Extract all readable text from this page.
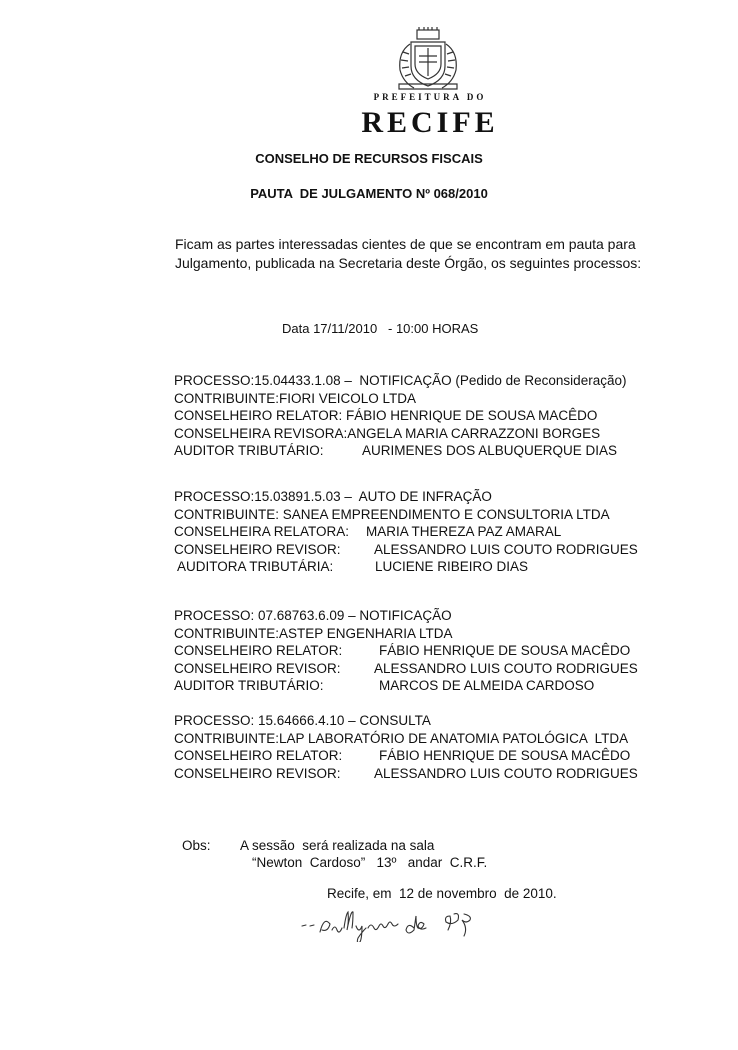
PREFEITURA DO
RECIFE
CONSELHO DE RECURSOS FISCAIS
PAUTA  DE JULGAMENTO Nº 068/2010
Ficam as partes interessadas cientes de que se encontram em pauta para Julgamento, publicada na Secretaria deste Órgão, os seguintes processos:
Data 17/11/2010   - 10:00 HORAS
PROCESSO:15.04433.1.08 –  NOTIFICAÇÃO (Pedido de Reconsideração)
CONTRIBUINTE:FIORI VEICOLO LTDA
CONSELHEIRO RELATOR: FÁBIO HENRIQUE DE SOUSA MACÊDO
CONSELHEIRA REVISORA:ANGELA MARIA CARRAZZONI BORGES
AUDITOR TRIBUTÁRIO:	AURIMENES DOS ALBUQUERQUE DIAS
PROCESSO:15.03891.5.03 –  AUTO DE INFRAÇÃO
CONTRIBUINTE: SANEA EMPREENDIMENTO E CONSULTORIA LTDA
CONSELHEIRA RELATORA: MARIA THEREZA PAZ AMARAL
CONSELHEIRO REVISOR: ALESSANDRO LUIS COUTO RODRIGUES
AUDITORA TRIBUTÁRIA:	LUCIENE RIBEIRO DIAS
PROCESSO: 07.68763.6.09 – NOTIFICAÇÃO
CONTRIBUINTE:ASTEP ENGENHARIA LTDA
CONSELHEIRO RELATOR:	FÁBIO HENRIQUE DE SOUSA MACÊDO
CONSELHEIRO REVISOR: ALESSANDRO LUIS COUTO RODRIGUES
AUDITOR TRIBUTÁRIO:	MARCOS DE ALMEIDA CARDOSO
PROCESSO: 15.64666.4.10 – CONSULTA
CONTRIBUINTE:LAP LABORATÓRIO DE ANATOMIA PATOLÓGICA  LTDA
CONSELHEIRO RELATOR:	FÁBIO HENRIQUE DE SOUSA MACÊDO
CONSELHEIRO REVISOR: ALESSANDRO LUIS COUTO RODRIGUES
Obs: A sessão  será realizada na sala
“Newton  Cardoso”   13º   andar  C.R.F.
Recife, em  12 de novembro  de 2010.
